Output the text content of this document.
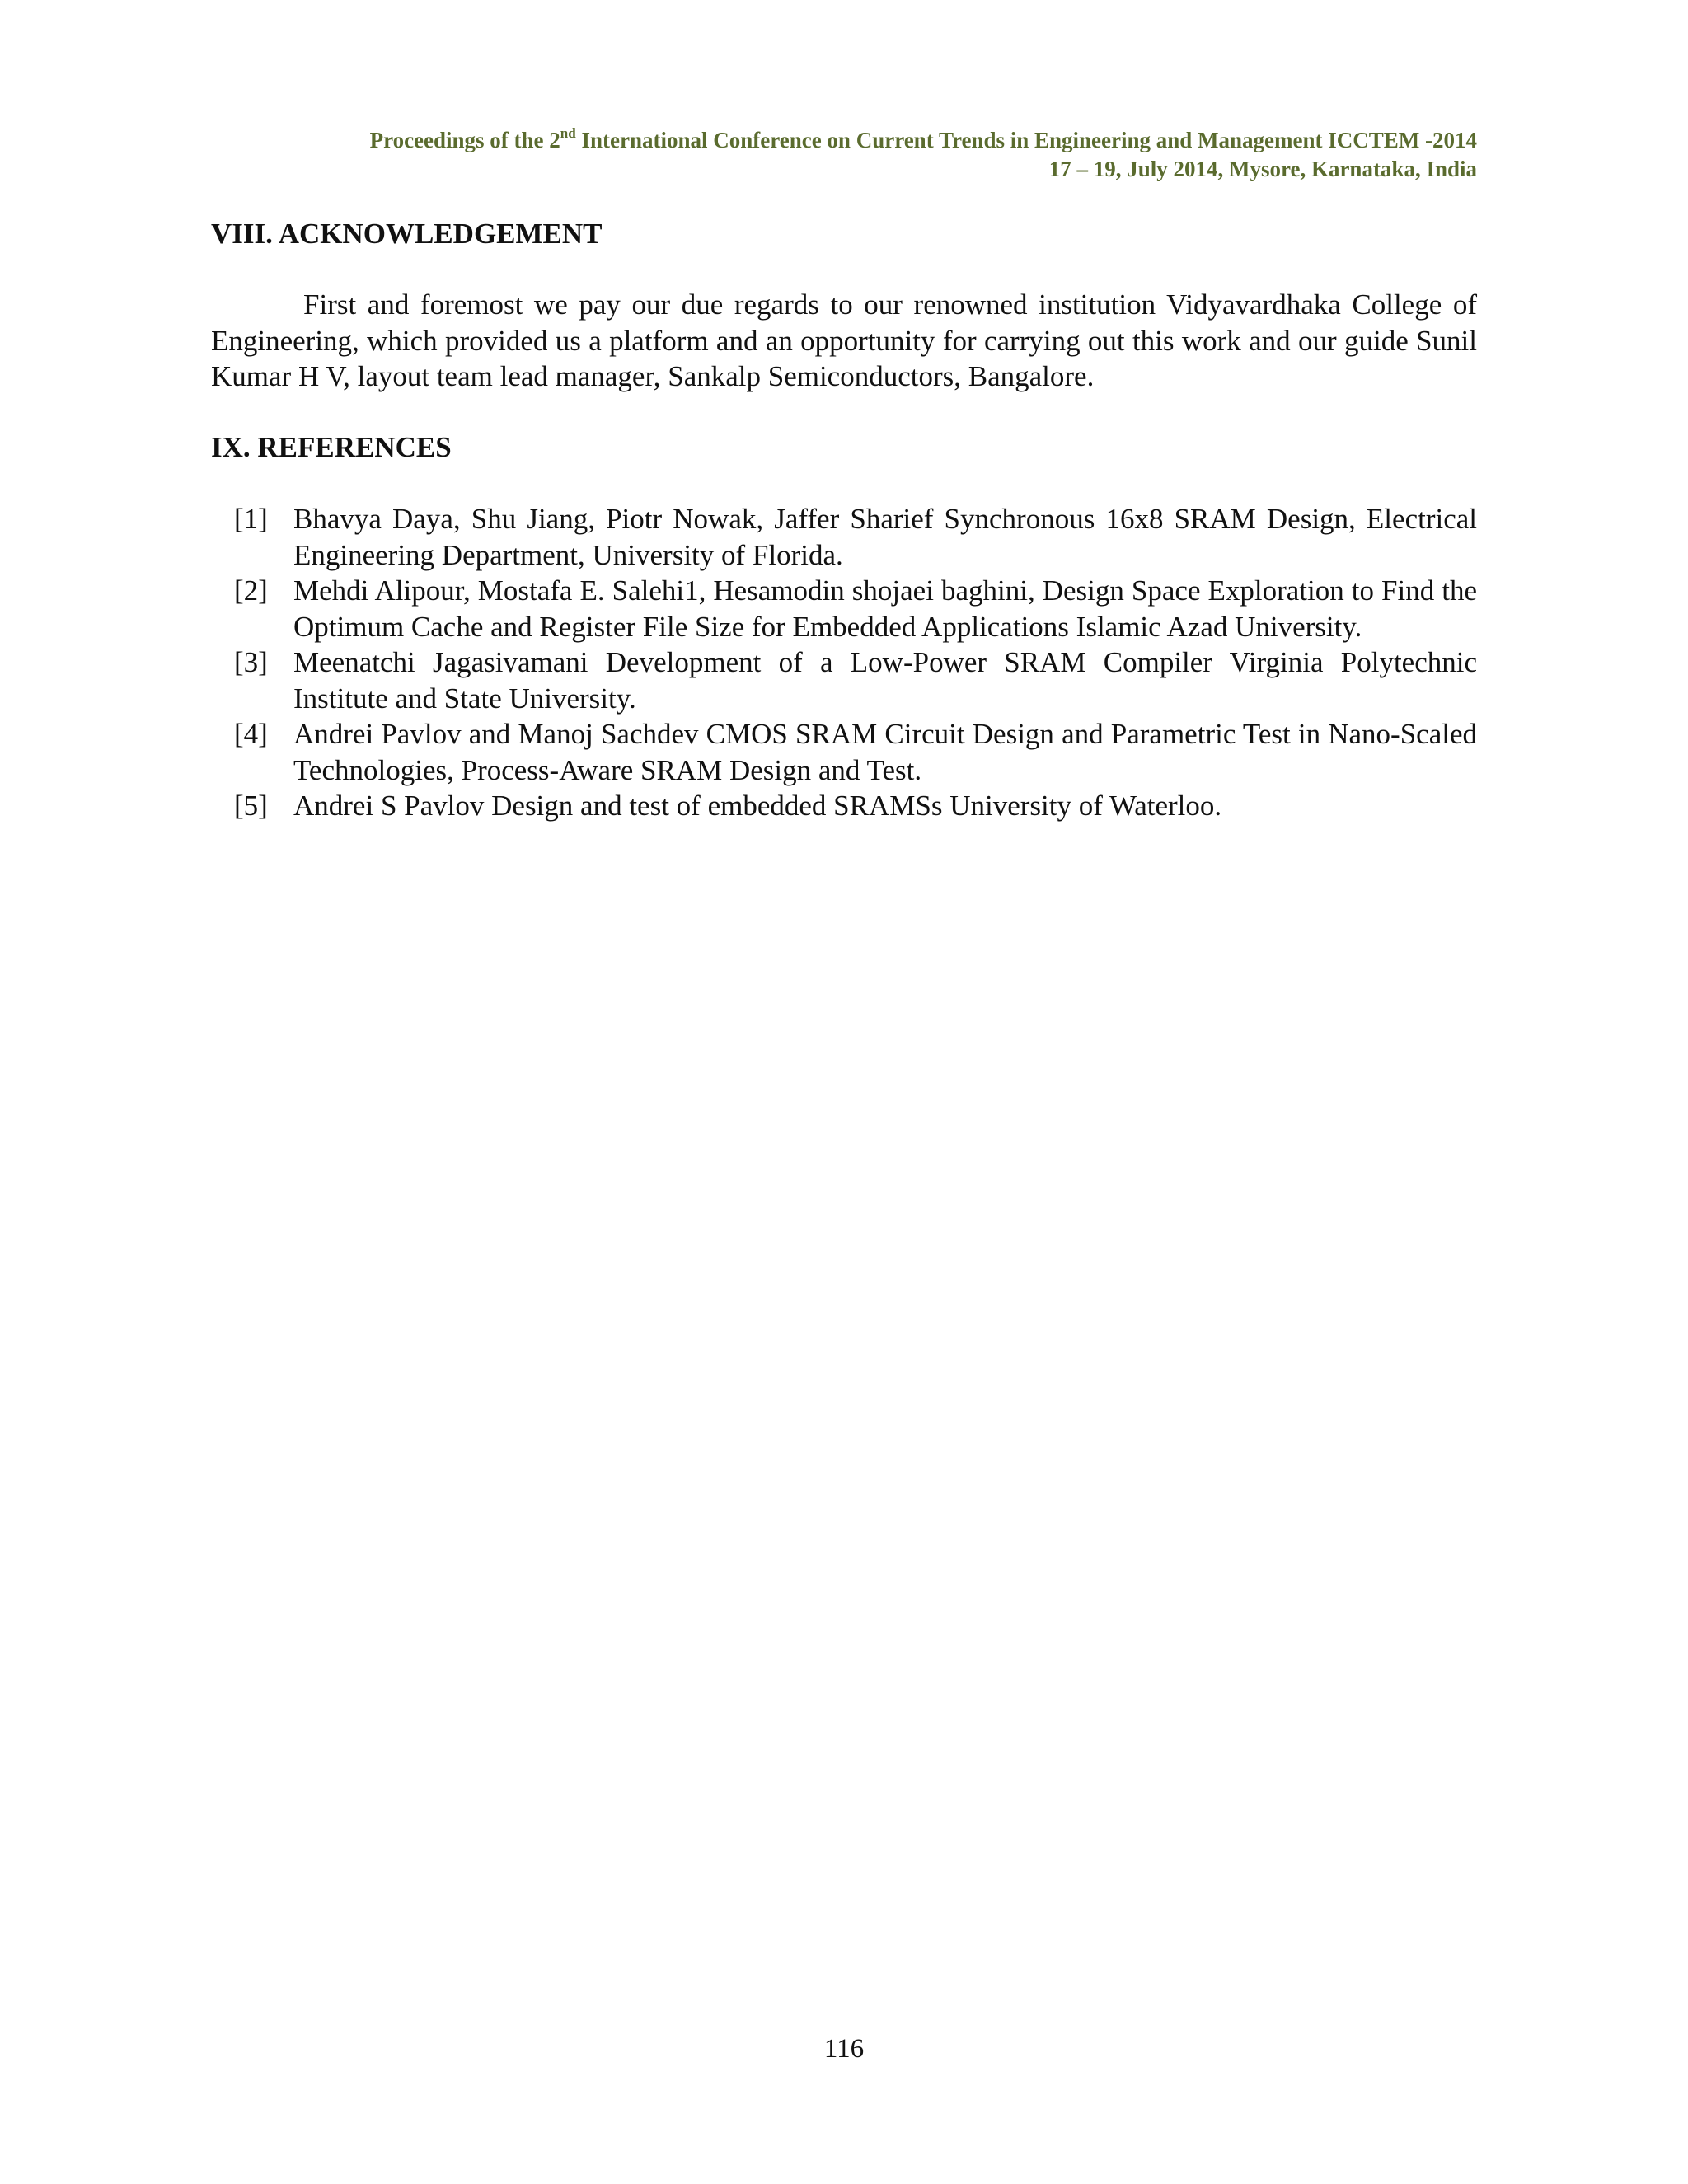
Proceedings of the 2nd International Conference on Current Trends in Engineering and Management ICCTEM -2014
17 – 19, July 2014, Mysore, Karnataka, India
VIII. ACKNOWLEDGEMENT

First and foremost we pay our due regards to our renowned institution Vidyavardhaka College of Engineering, which provided us a platform and an opportunity for carrying out this work and our guide Sunil Kumar H V, layout team lead manager, Sankalp Semiconductors, Bangalore.

IX. REFERENCES
[1] Bhavya Daya, Shu Jiang, Piotr Nowak, Jaffer Sharief Synchronous 16x8 SRAM Design, Electrical Engineering Department, University of Florida.
[2] Mehdi Alipour, Mostafa E. Salehi1, Hesamodin shojaei baghini, Design Space Exploration to Find the Optimum Cache and Register File Size for Embedded Applications Islamic Azad University.
[3] Meenatchi Jagasivamani Development of a Low-Power SRAM Compiler Virginia Polytechnic Institute and State University.
[4] Andrei Pavlov and Manoj Sachdev CMOS SRAM Circuit Design and Parametric Test in Nano-Scaled Technologies, Process-Aware SRAM Design and Test.
[5] Andrei S Pavlov Design and test of embedded SRAMSs University of Waterloo.
116
